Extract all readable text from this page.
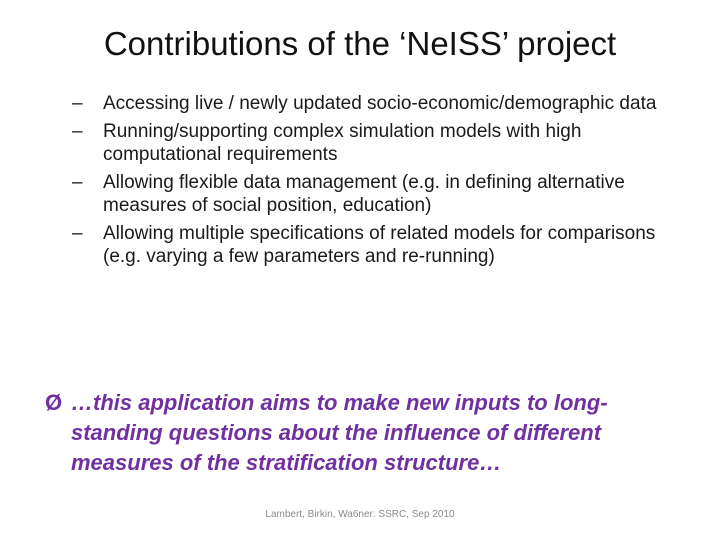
Contributions of the ‘NeISS’ project
–	Accessing live / newly updated socio-economic/demographic data
–	Running/supporting complex simulation models with high computational requirements
–	Allowing flexible data management (e.g. in defining alternative measures of social position, education)
–	Allowing multiple specifications of related models for comparisons (e.g. varying a few parameters and re-running)
Ø …this application aims to make new inputs to long-standing questions about the influence of different measures of the stratification structure…
Lambert, Birkin, Wa6ner: SSRC, Sep 2010
